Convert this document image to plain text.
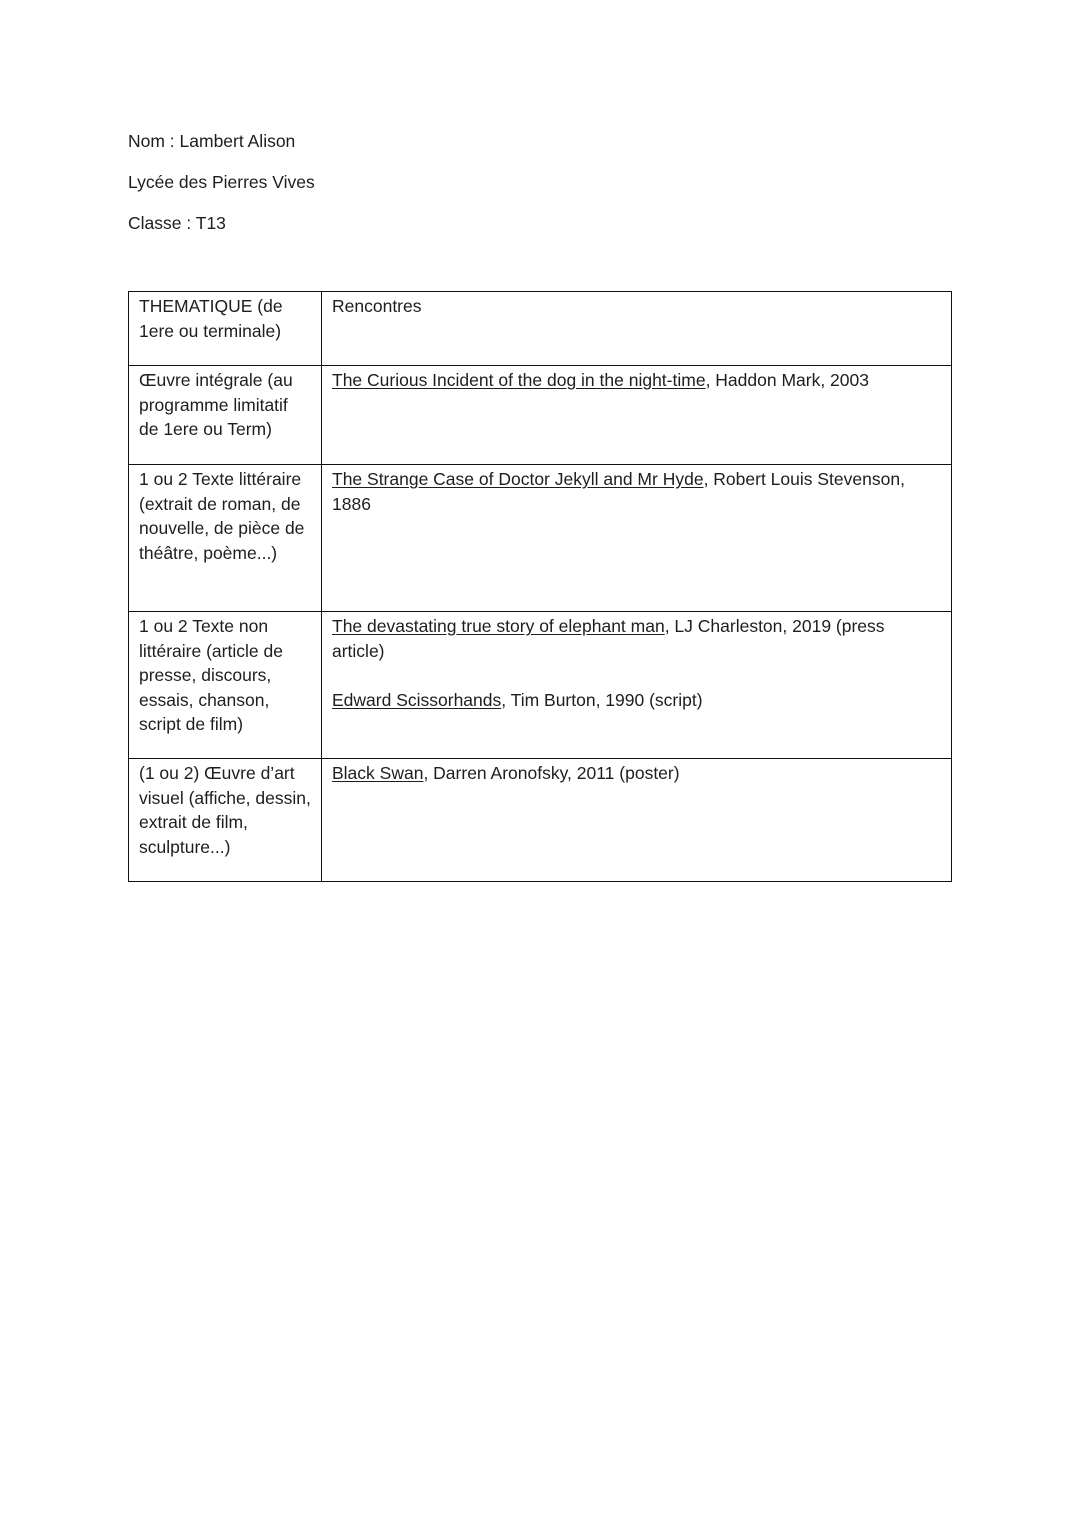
Nom : Lambert Alison
Lycée des Pierres Vives
Classe : T13
THEMATIQUE (de 1ere ou terminale)	Rencontres

Œuvre intégrale (au programme limitatif de 1ere ou Term)	The Curious Incident of the dog in the night-time, Haddon Mark, 2003

1 ou 2 Texte littéraire (extrait de roman, de nouvelle, de pièce de théâtre, poème...)	The Strange Case of Doctor Jekyll and Mr Hyde, Robert Louis Stevenson, 1886

1 ou 2 Texte non littéraire (article de presse, discours, essais, chanson, script de film)	The devastating true story of elephant man, LJ Charleston, 2019 (press article)
Edward Scissorhands, Tim Burton, 1990 (script)

(1 ou 2) Œuvre d’art visuel (affiche, dessin, extrait de film, sculpture...)	Black Swan, Darren Aronofsky, 2011 (poster)
